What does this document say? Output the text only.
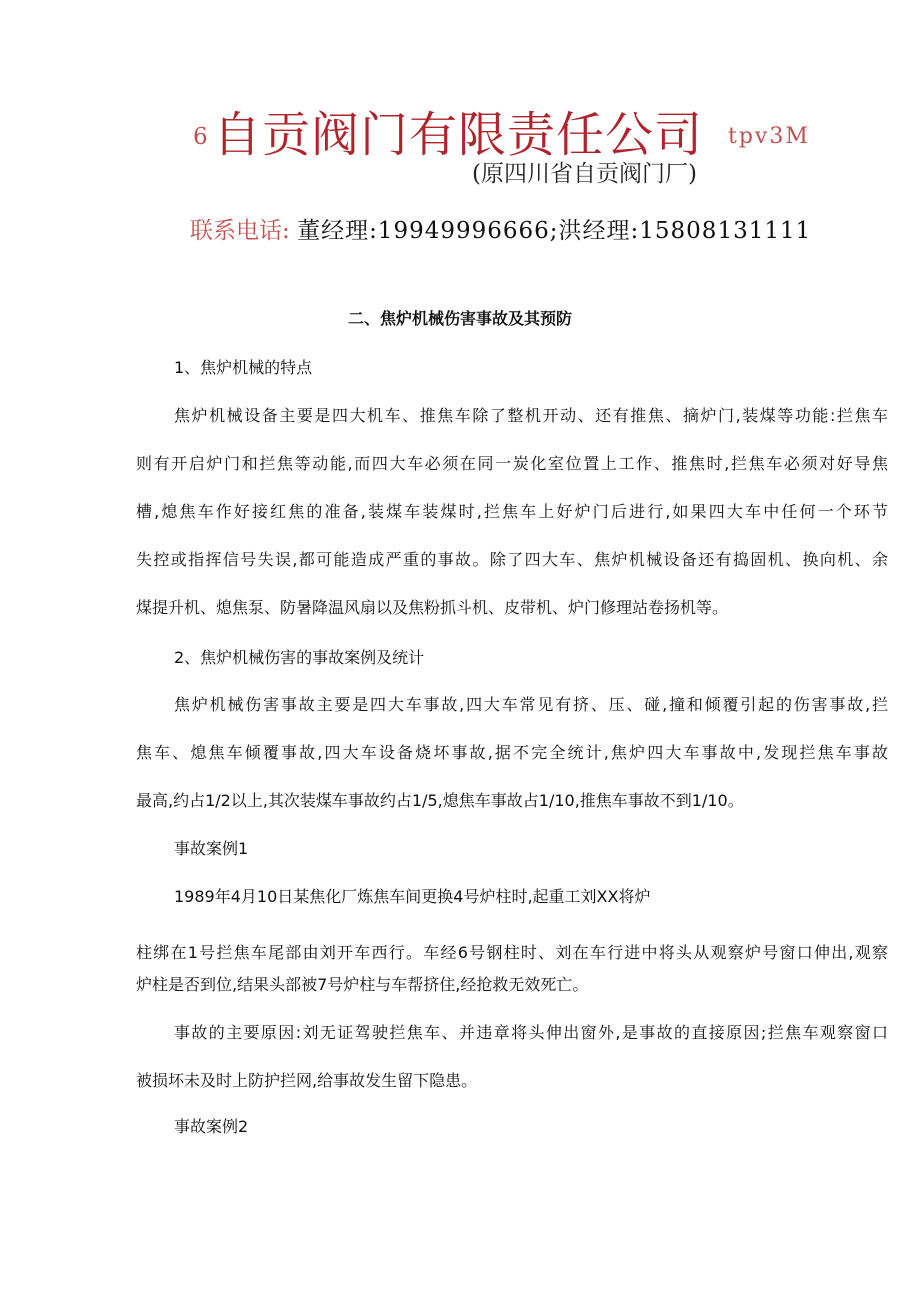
6 自贡阀门有限责任公司 tpv3M
(原四川省自贡阀门厂)
联系电话: 董经理:19949996666;洪经理:15808131111
二、焦炉机械伤害事故及其预防
1、焦炉机械的特点
焦炉机械设备主要是四大机车、推焦车除了整机开动、还有推焦、摘炉门,装煤等功能:拦焦车
则有开启炉门和拦焦等动能,而四大车必须在同一炭化室位置上工作、推焦时,拦焦车必须对好导焦
槽,熄焦车作好接红焦的准备,装煤车装煤时,拦焦车上好炉门后进行,如果四大车中任何一个环节
失控或指挥信号失误,都可能造成严重的事故。除了四大车、焦炉机械设备还有捣固机、换向机、余
煤提升机、熄焦泵、防暑降温风扇以及焦粉抓斗机、皮带机、炉门修理站卷扬机等。
2、焦炉机械伤害的事故案例及统计
焦炉机械伤害事故主要是四大车事故,四大车常见有挤、压、碰,撞和倾覆引起的伤害事故,拦
焦车、熄焦车倾覆事故,四大车设备烧坏事故,据不完全统计,焦炉四大车事故中,发现拦焦车事故
最高,约占1/2以上,其次装煤车事故约占1/5,熄焦车事故占1/10,推焦车事故不到1/10。
事故案例1
1989年4月10日某焦化厂炼焦车间更换4号炉柱时,起重工刘XX将炉
柱绑在1号拦焦车尾部由刘开车西行。车经6号钢柱时、刘在车行进中将头从观察炉号窗口伸出,观察
炉柱是否到位,结果头部被7号炉柱与车帮挤住,经抢救无效死亡。
事故的主要原因:刘无证驾驶拦焦车、并违章将头伸出窗外,是事故的直接原因;拦焦车观察窗口
被损坏未及时上防护拦网,给事故发生留下隐患。
事故案例2
